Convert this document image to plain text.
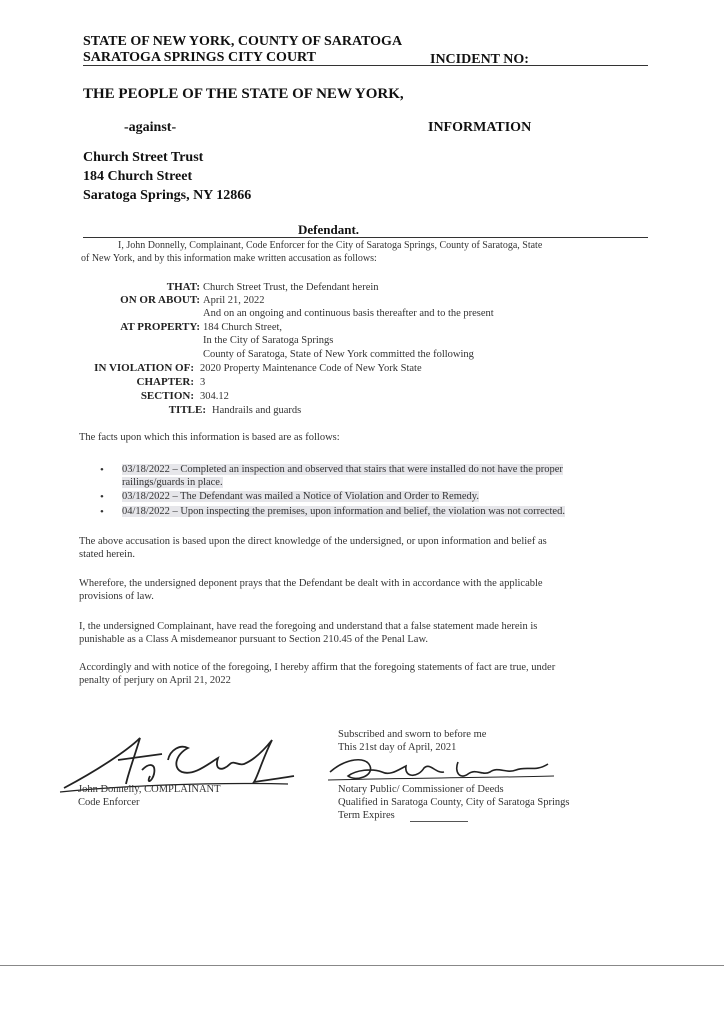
STATE OF NEW YORK, COUNTY OF SARATOGA
SARATOGA SPRINGS CITY COURT	INCIDENT NO:
THE PEOPLE OF THE STATE OF NEW YORK,
-against-	INFORMATION
Church Street Trust
184 Church Street
Saratoga Springs, NY 12866
Defendant.
I, John Donnelly, Complainant, Code Enforcer for the City of Saratoga Springs, County of Saratoga, State
of New York, and by this information make written accusation as follows:
THAT: Church Street Trust, the Defendant herein
ON OR ABOUT: April 21, 2022
And on an ongoing and continuous basis thereafter and to the present
AT PROPERTY: 184 Church Street,
In the City of Saratoga Springs
County of Saratoga, State of New York committed the following
IN VIOLATION OF: 2020 Property Maintenance Code of New York State
CHAPTER: 3
SECTION: 304.12
TITLE: Handrails and guards
The facts upon which this information is based are as follows:
• 03/18/2022 – Completed an inspection and observed that stairs that were installed do not have the proper
railings/guards in place.
• 03/18/2022 – The Defendant was mailed a Notice of Violation and Order to Remedy.
• 04/18/2022 – Upon inspecting the premises, upon information and belief, the violation was not corrected.
The above accusation is based upon the direct knowledge of the undersigned, or upon information and belief as
stated herein.
Wherefore, the undersigned deponent prays that the Defendant be dealt with in accordance with the applicable
provisions of law.
I, the undersigned Complainant, have read the foregoing and understand that a false statement made herein is
punishable as a Class A misdemeanor pursuant to Section 210.45 of the Penal Law.
Accordingly and with notice of the foregoing, I hereby affirm that the foregoing statements of fact are true, under
penalty of perjury on April 21, 2022
John Donnelly, COMPLAINANT
Code Enforcer
Subscribed and sworn to before me
This 21st day of April, 2021
Notary Public/ Commissioner of Deeds
Qualified in Saratoga County, City of Saratoga Springs
Term Expires
